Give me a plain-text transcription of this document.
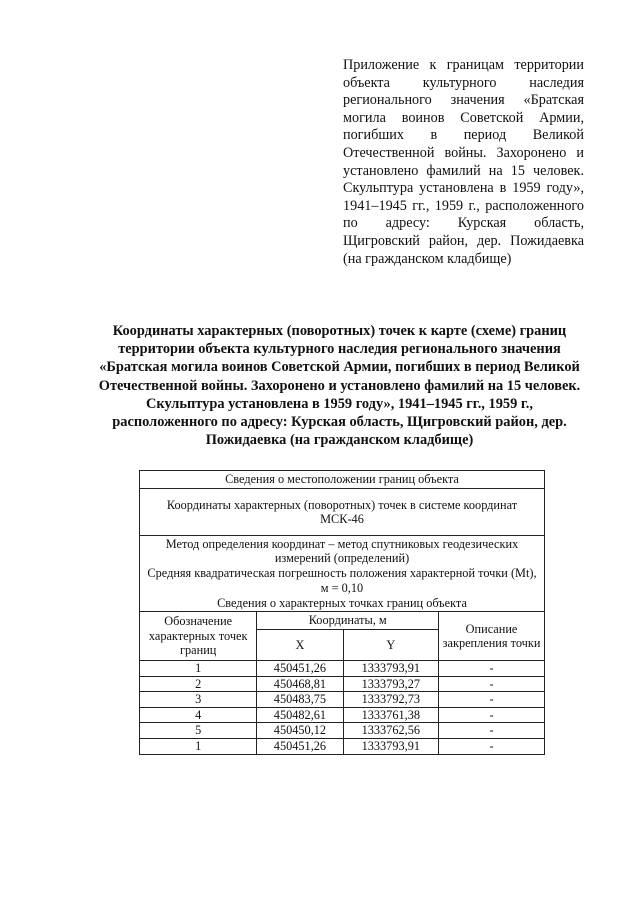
Приложение к границам территории объекта культурного наследия регионального значения «Братская могила воинов Советской Армии, погибших в период Великой Отечественной войны. Захоронено и установлено фамилий на 15 человек. Скульптура установлена в 1959 году», 1941–1945 гг., 1959 г., расположенного по адресу: Курская область, Щигровский район, дер. Пожидаевка (на гражданском кладбище)
Координаты характерных (поворотных) точек к карте (схеме) границ территории объекта культурного наследия регионального значения «Братская могила воинов Советской Армии, погибших в период Великой Отечественной войны. Захоронено и установлено фамилий на 15 человек. Скульптура установлена в 1959 году», 1941–1945 гг., 1959 г., расположенного по адресу: Курская область, Щигровский район, дер. Пожидаевка (на гражданском кладбище)
Сведения о местоположении границ объекта			
Координаты характерных (поворотных) точек в системе координат МСК-46			

Метод определения координат – метод спутниковых геодезических измерений (определений)
Средняя квадратическая погрешность положения характерной точки (Мt), м = 0,10
Сведения о характерных точках границ объекта			

Обозначение характерных точек границ	Координаты, м		Описание закрепления точки
	X	Y	
1	450451,26	1333793,91	-
2	450468,81	1333793,27	-
3	450483,75	1333792,73	-
4	450482,61	1333761,38	-
5	450450,12	1333762,56	-
1	450451,26	1333793,91	-
